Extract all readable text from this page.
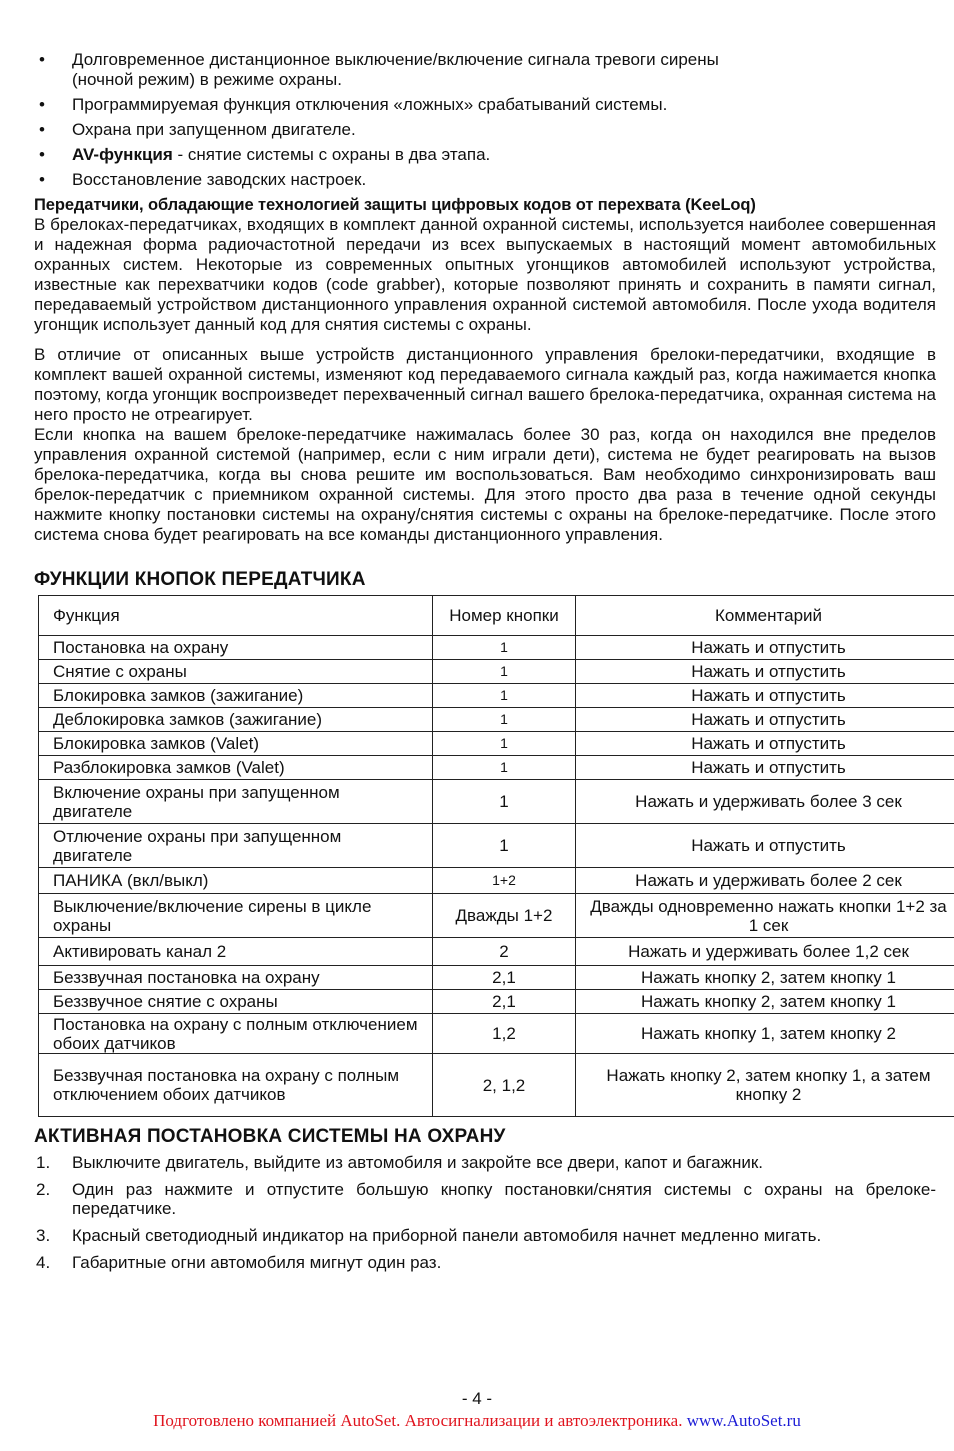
• Долговременное дистанционное выключение/включение сигнала тревоги сирены
(ночной режим) в режиме охраны.
• Программируемая функция отключения «ложных» срабатываний системы.
• Охрана при запущенном двигателе.
• AV-функция - снятие системы с охраны в два этапа.
• Восстановление заводских настроек.
Передатчики, обладающие технологией защиты цифровых кодов от перехвата (KeeLoq)

В брелоках-передатчиках, входящих в комплект данной охранной системы, используется наиболее совершенная и надежная форма радиочастотной передачи из всех выпускаемых в настоящий момент автомобильных охранных систем. Некоторые из современных опытных угонщиков автомобилей используют устройства, известные как перехватчики кодов (code grabber), которые позволяют принять и сохранить в памяти сигнал, передаваемый устройством дистанционного управления охранной системой автомобиля. После ухода водителя угонщик использует данный код для снятия системы с охраны.

В отличие от описанных выше устройств дистанционного управления брелоки-передатчики, входящие в комплект вашей охранной системы, изменяют код передаваемого сигнала каждый раз, когда нажимается кнопка поэтому, когда угонщик воспроизведет перехваченный сигнал вашего брелока-передатчика, охранная система на него просто не отреагирует.

Если кнопка на вашем брелоке-передатчике нажималась более 30 раз, когда он находился вне пределов управления охранной системой (например, если с ним играли дети), система не будет реагировать на вызов брелока-передатчика, когда вы снова решите им воспользоваться. Вам необходимо синхронизировать ваш брелок-передатчик с приемником охранной системы. Для этого просто два раза в течение одной секунды нажмите кнопку постановки системы на охрану/снятия системы с охраны на брелоке-передатчике. После этого система снова будет реагировать на все команды дистанционного управления.

ФУНКЦИИ КНОПОК ПЕРЕДАТЧИКА
Функция	Номер кнопки	Комментарий
Постановка на охрану	1	Нажать и отпустить
Снятие с охраны	1	Нажать и отпустить
Блокировка замков (зажигание)	1	Нажать и отпустить
Деблокировка замков (зажигание)	1	Нажать и отпустить
Блокировка замков (Valet)	1	Нажать и отпустить
Разблокировка замков (Valet)	1	Нажать и отпустить
Включение охраны при запущенном двигателе	1	Нажать и удерживать более 3 сек
Отлючение охраны при запущенном двигателе	1	Нажать и отпустить
ПАНИКА (вкл/выкл)	1+2	Нажать и удерживать более 2 сек
Выключение/включение сирены в цикле охраны	Дважды 1+2	Дважды одновременно нажать кнопки 1+2 за 1 сек
Активировать канал 2	2	Нажать и удерживать более 1,2 сек
Беззвучная постановка на охрану	2,1	Нажать кнопку 2, затем кнопку 1
Беззвучное снятие с охраны	2,1	Нажать кнопку 2, затем кнопку 1
Постановка на охрану с полным отключением обоих датчиков	1,2	Нажать кнопку 1, затем кнопку 2
Беззвучная постановка на охрану с полным отключением обоих датчиков	2, 1,2	Нажать кнопку 2, затем кнопку 1, а затем кнопку 2
АКТИВНАЯ ПОСТАНОВКА СИСТЕМЫ НА ОХРАНУ
1. Выключите двигатель, выйдите из автомобиля и закройте все двери, капот и багажник.
2. Один раз нажмите и отпустите большую кнопку постановки/снятия системы с охраны на брелоке-передатчике.
3. Красный светодиодный индикатор на приборной панели автомобиля начнет медленно мигать.
4. Габаритные огни автомобиля мигнут один раз.
- 4 -
Подготовлено компанией AutoSet. Автосигнализации и автоэлектроника. www.AutoSet.ru
